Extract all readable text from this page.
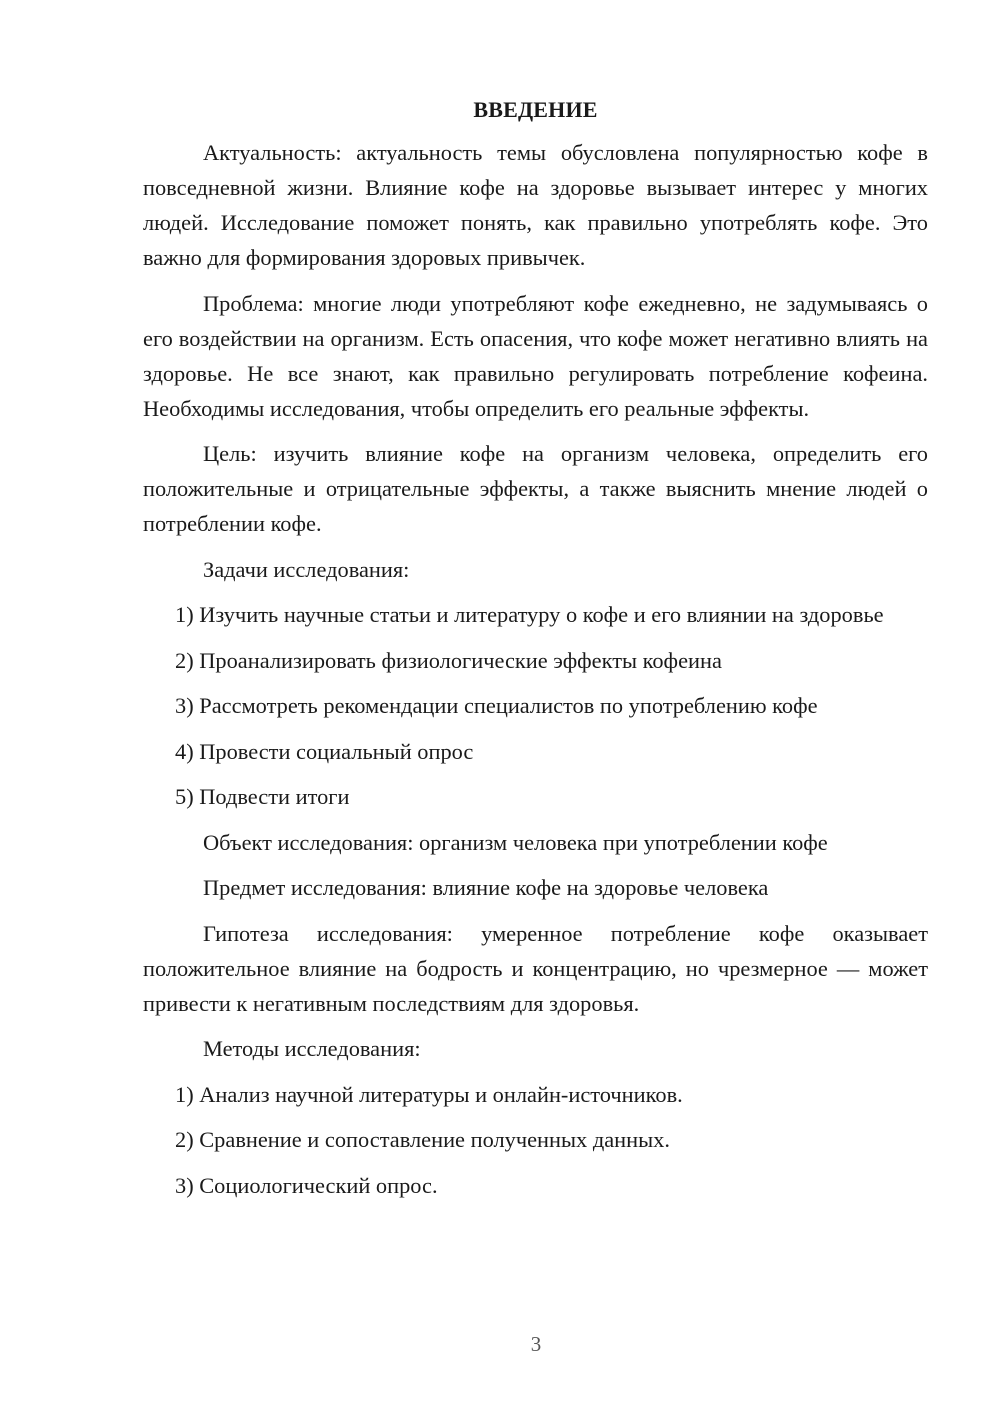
ВВЕДЕНИЕ

Актуальность: актуальность темы обусловлена популярностью кофе в повседневной жизни. Влияние кофе на здоровье вызывает интерес у многих людей. Исследование поможет понять, как правильно употреблять кофе. Это важно для формирования здоровых привычек.

Проблема: многие люди употребляют кофе ежедневно, не задумываясь о его воздействии на организм. Есть опасения, что кофе может негативно влиять на здоровье. Не все знают, как правильно регулировать потребление кофеина. Необходимы исследования, чтобы определить его реальные эффекты.

Цель: изучить влияние кофе на организм человека, определить его положительные и отрицательные эффекты, а также выяснить мнение людей о потреблении кофе.

Задачи исследования:

1) Изучить научные статьи и литературу о кофе и его влиянии на здоровье

2) Проанализировать физиологические эффекты кофеина

3) Рассмотреть рекомендации специалистов по употреблению кофе

4) Провести социальный опрос

5) Подвести итоги

Объект исследования: организм человека при употреблении кофе

Предмет исследования: влияние кофе на здоровье человека

Гипотеза исследования: умеренное потребление кофе оказывает положительное влияние на бодрость и концентрацию, но чрезмерное — может привести к негативным последствиям для здоровья.

Методы исследования:

1) Анализ научной литературы и онлайн-источников.

2) Сравнение и сопоставление полученных данных.

3) Социологический опрос.

3
